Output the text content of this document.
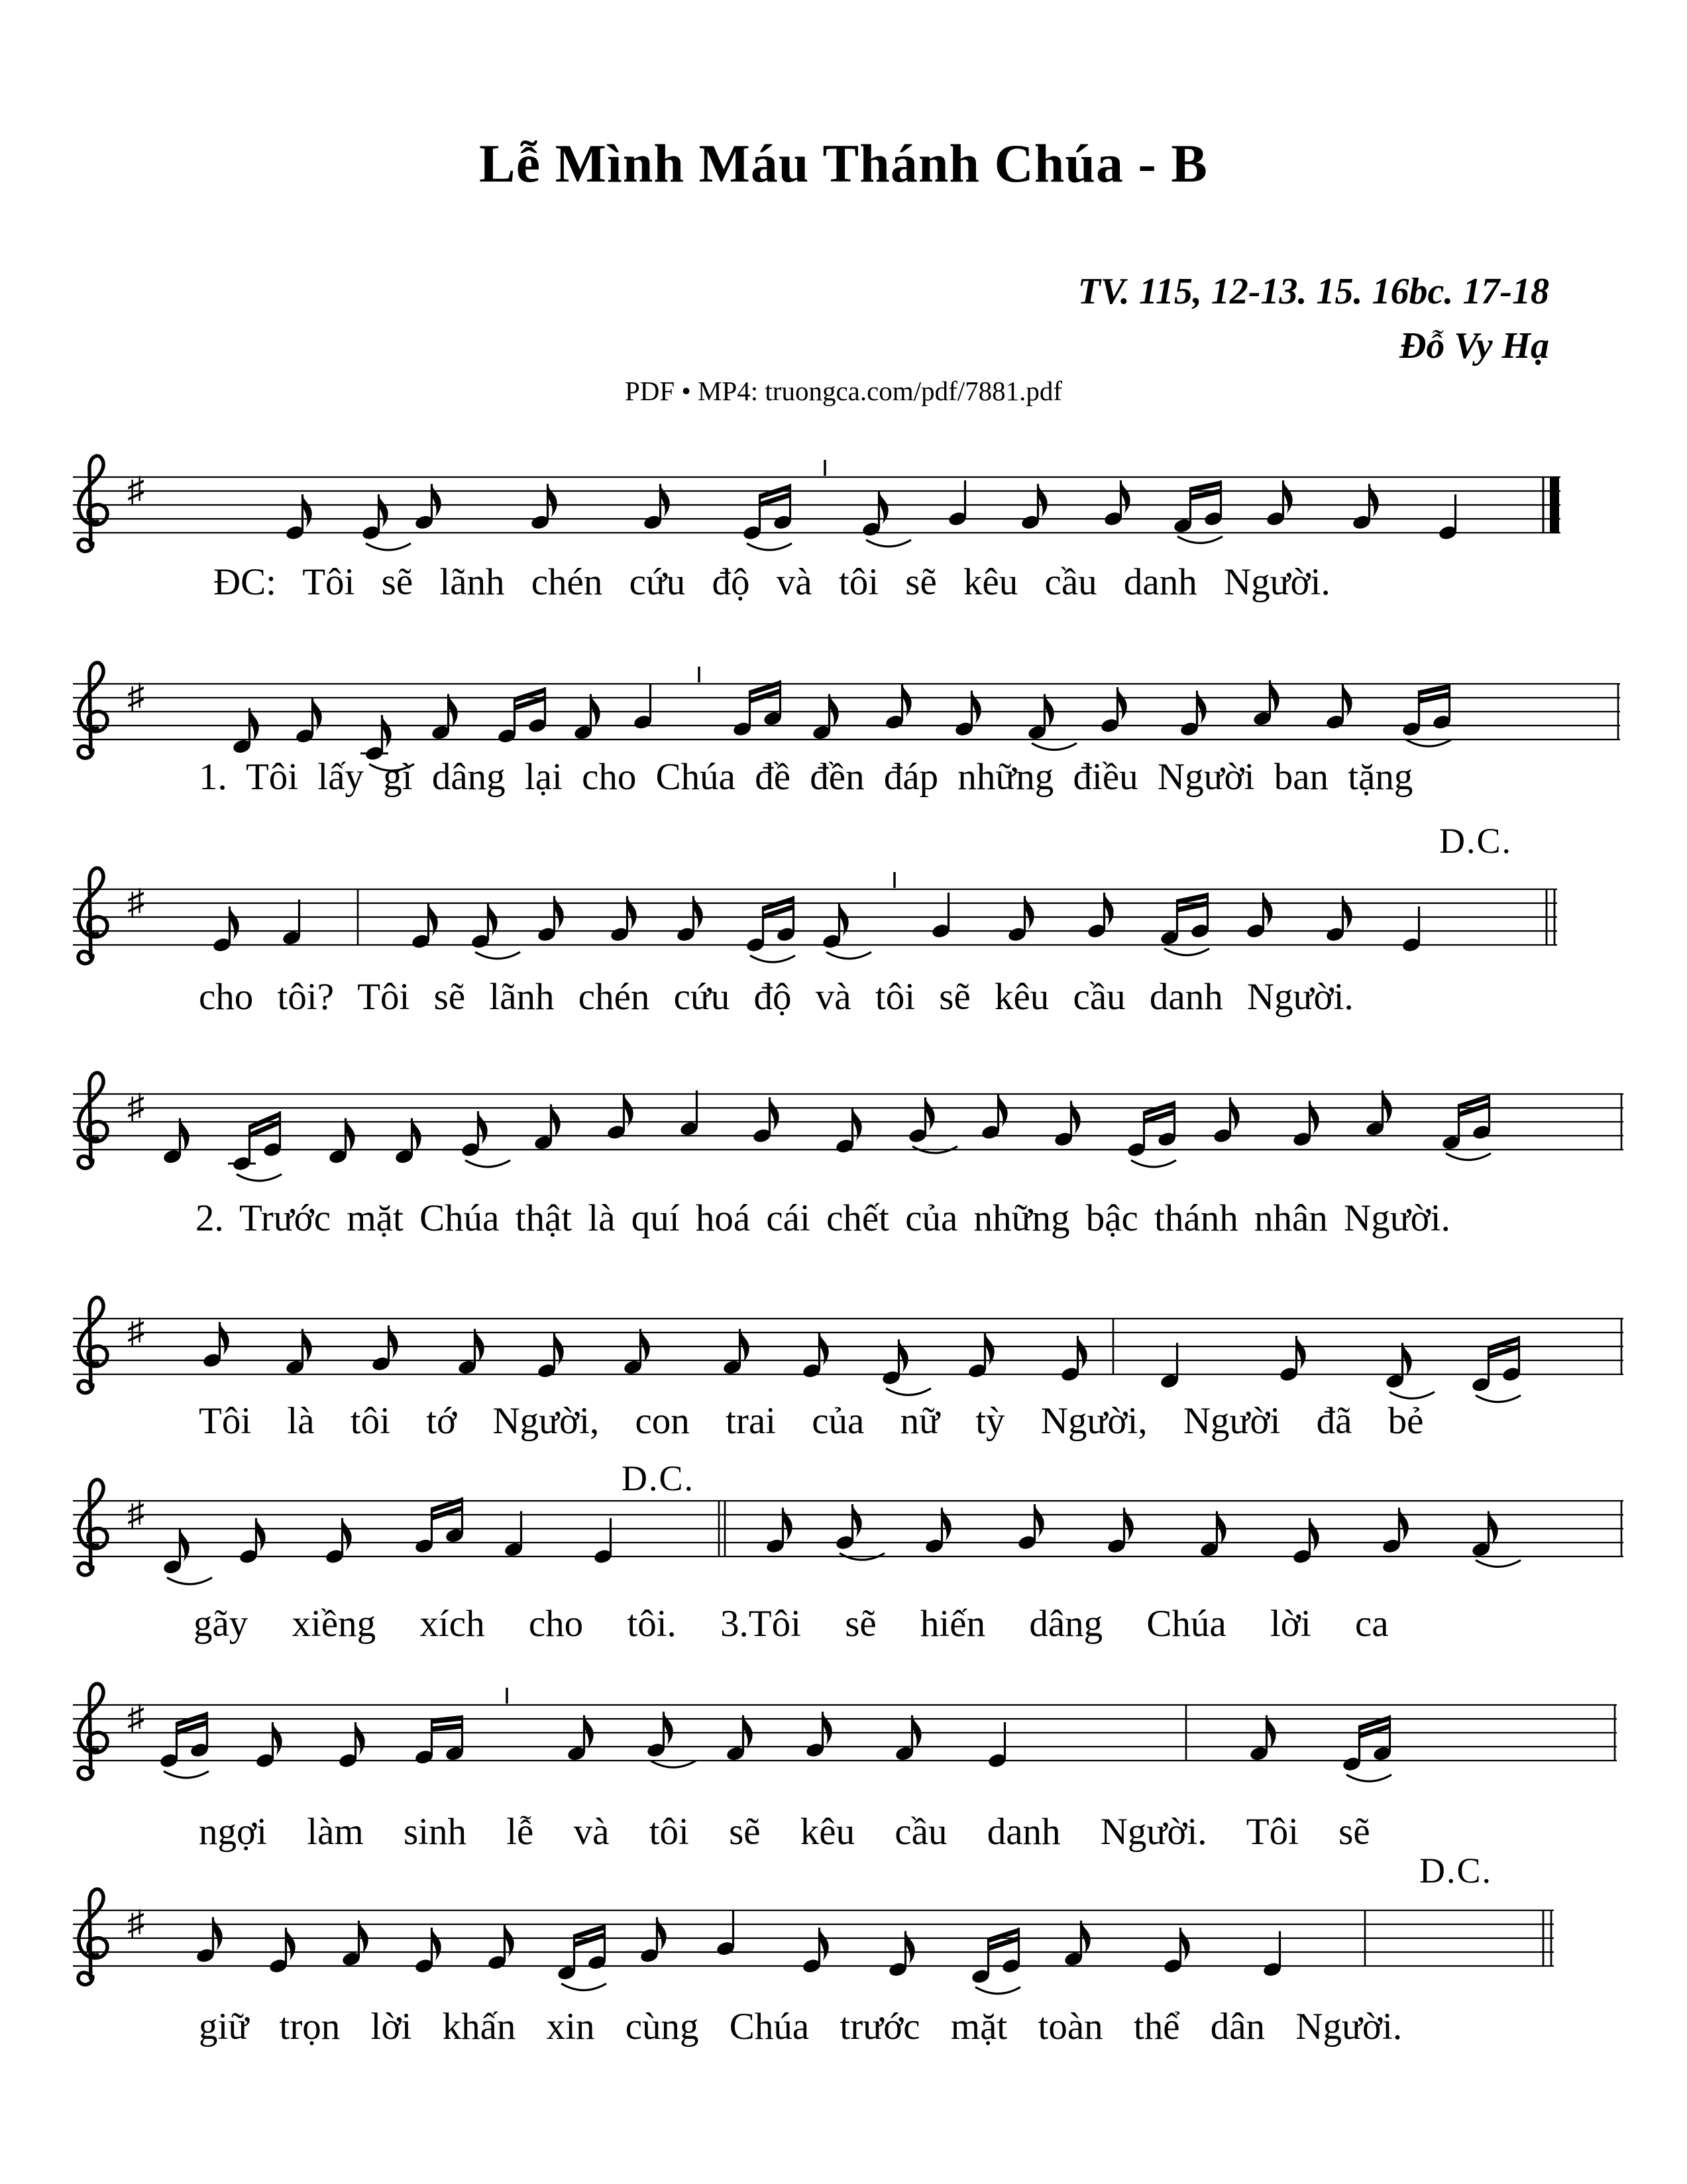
Lễ Mình Máu Thánh Chúa - B
TV. 115, 12-13. 15. 16bc. 17-18
Đỗ Vy Hạ
PDF • MP4: truongca.com/pdf/7881.pdf
♯
ĐC: Tôi sẽ lãnh chén cứu độ và tôi sẽ kêu cầu danh Người.
♯
1. Tôi lấy gì dâng lại cho Chúa đề đền đáp những điều Người ban tặng
♯
D.C.
cho tôi? Tôi sẽ lãnh chén cứu độ và tôi sẽ kêu cầu danh Người.
♯
2. Trước mặt Chúa thật là quí hoá cái chết của những bậc thánh nhân Người.
♯
Tôi là tôi tớ Người, con trai của nữ tỳ Người, Người đã bẻ
♯
D.C.
gãy xiềng xích cho tôi. 3.Tôi sẽ hiến dâng Chúa lời ca
♯
ngợi làm sinh lễ và tôi sẽ kêu cầu danh Người. Tôi sẽ
♯
D.C.
giữ trọn lời khấn xin cùng Chúa trước mặt toàn thể dân Người.
